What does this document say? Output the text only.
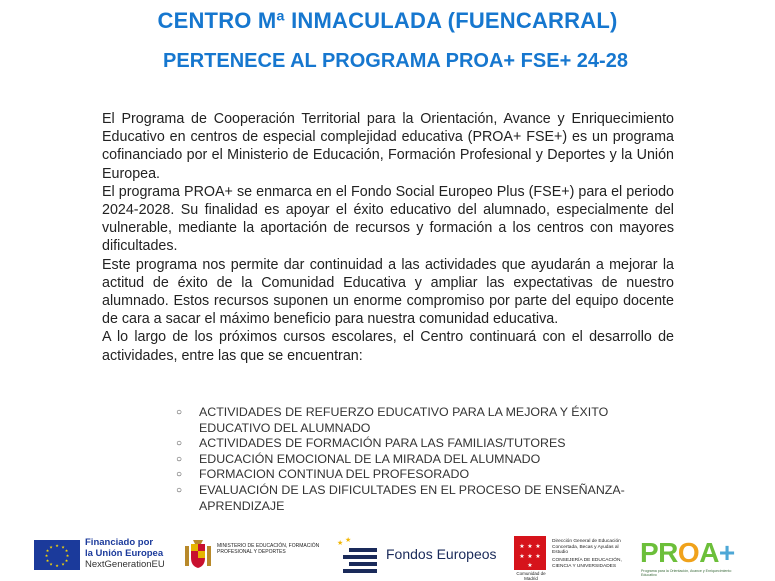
CENTRO Mª INMACULADA (FUENCARRAL)
PERTENECE AL PROGRAMA PROA+ FSE+ 24-28

El Programa de Cooperación Territorial para la Orientación, Avance y Enriquecimiento Educativo en centros de especial complejidad educativa (PROA+ FSE+) es un programa cofinanciado por el Ministerio de Educación, Formación Profesional y Deportes y la Unión Europea.

El programa PROA+ se enmarca en el Fondo Social Europeo Plus (FSE+) para el periodo 2024-2028. Su finalidad es apoyar el éxito educativo del alumnado, especialmente del vulnerable, mediante la aportación de recursos y formación a los centros con mayores dificultades.

Este programa nos permite dar continuidad a las actividades que ayudarán a mejorar la actitud de éxito de la Comunidad Educativa y ampliar las expectativas de nuestro alumnado. Estos recursos suponen un enorme compromiso por parte del equipo docente de cara a sacar el máximo beneficio para nuestra comunidad educativa.

A lo largo de los próximos cursos escolares, el Centro continuará con el desarrollo de actividades, entre las que se encuentran:

○ ACTIVIDADES DE REFUERZO EDUCATIVO PARA LA MEJORA Y ÉXITO EDUCATIVO DEL ALUMNADO
○ ACTIVIDADES DE FORMACIÓN PARA LAS FAMILIAS/TUTORES
○ EDUCACIÓN EMOCIONAL DE LA MIRADA DEL ALUMNADO
○ FORMACION CONTINUA DEL PROFESORADO
○ EVALUACIÓN DE LAS DIFICULTADES EN EL PROCESO DE ENSEÑANZA-APRENDIZAJE
★ ★
★
★
★
★
★
★
★
★
★
★	Financiado por
la Unión Europea
NextGenerationEU
MINISTERIO DE EDUCACIÓN, FORMACIÓN PROFESIONAL Y DEPORTES
★ ★
Fondos Europeos	★ ★ ★
★ ★ ★
★
Comunidad de Madrid
Dirección General de Educación Concertada, Becas y Ayudas al Estudio
CONSEJERÍA DE EDUCACIÓN, CIENCIA Y UNIVERSIDADES PROA+
Programa para la Orientación, Avance y Enriquecimiento Educativo
